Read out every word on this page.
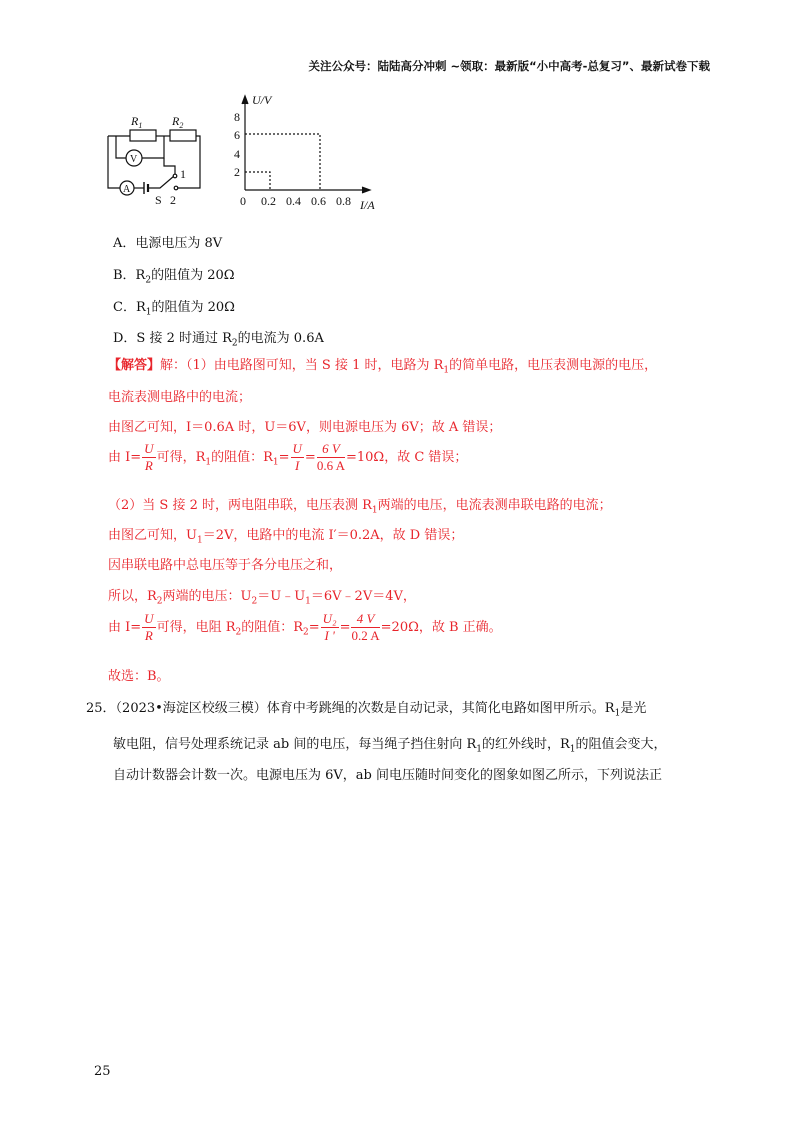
关注公众号：陆陆高分冲刺 ~领取：最新版“小中高考-总复习”、最新试卷下载
$R_1$ $R_2$
V
A
S
1
2
U/V
8
6
4
2
0 0.2 0.4 0.6 0.8 I/A
A．电源电压为 8V
B．$R_2$的阻值为 20Ω
C．$R_1$的阻值为 20Ω
D．S 接 2 时通过 $R_2$的电流为 0.6A
【解答】解：（1）由电路图可知，当 S 接 1 时，电路为 $R_1$的简单电路，电压表测电源的电压，
电流表测电路中的电流；
由图乙可知，I＝0.6A 时，U＝6V，则电源电压为 6V；故 A 错误；
由 $I= \frac{U}{R}$ 可得，$R_1$的阻值：$R_1= \frac{U}{I} = \frac{6 V}{0.6 A} =10\Omega$，故 C 错误；
（2）当 S 接 2 时，两电阻串联，电压表测 $R_1$两端的电压，电流表测串联电路的电流；
由图乙可知，$U_1=2V$，电路中的电流 I′＝0.2A，故 D 错误；
因串联电路中总电压等于各分电压之和，
所以，$R_2$两端的电压：$U_2=U﹣U_1=6V﹣2V=4V$，
由 $I= \frac{U}{R}$ 可得，电阻 $R_2$的阻值：$R_2= \frac{\text{U₂}}{I '} = \frac{4 V}{0.2 A} =20\Omega$，故 B 正确。
故选：B。
25．（2023•海淀区校级三模）体育中考跳绳的次数是自动记录，其简化电路如图甲所示。$R_1$是光
敏电阻，信号处理系统记录 ab 间的电压，每当绳子挡住射向 $R_1$的红外线时，$R_1$的阻值会变大，
自动计数器会计数一次。电源电压为 6V，ab 间电压随时间变化的图象如图乙所示，下列说法正
25
